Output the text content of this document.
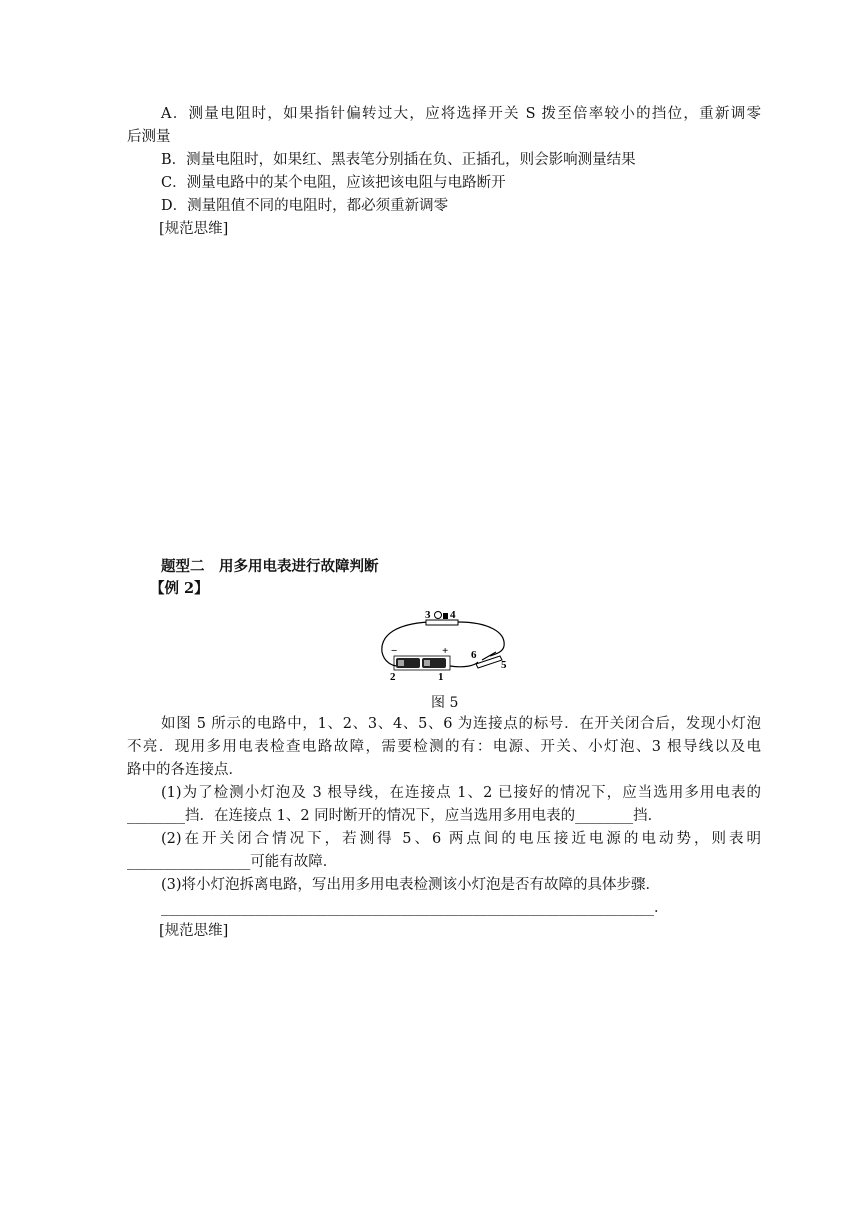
A．测量电阻时，如果指针偏转过大，应将选择开关 S 拨至倍率较小的挡位，重新调零
后测量
B．测量电阻时，如果红、黑表笔分别插在负、正插孔，则会影响测量结果
C．测量电路中的某个电阻，应该把该电阻与电路断开
D．测量阻值不同的电阻时，都必须重新调零
[规范思维]
题型二　用多用电表进行故障判断
【例 2】
3 4
2	1
6
5
−	+
图 5
如图 5 所示的电路中，1、2、3、4、5、6 为连接点的标号．在开关闭合后，发现小灯泡
不亮．现用多用电表检查电路故障，需要检测的有：电源、开关、小灯泡、3 根导线以及电
路中的各连接点．
(1)为了检测小灯泡及 3 根导线，在连接点 1、2 已接好的情况下，应当选用多用电表的
________挡．在连接点 1、2 同时断开的情况下，应当选用多用电表的________挡．
(2)在开关闭合情况下，若测得 5、6 两点间的电压接近电源的电动势，则表明
_________________可能有故障．
(3)将小灯泡拆离电路，写出用多用电表检测该小灯泡是否有故障的具体步骤．
____________________________________________________________________．
[规范思维]
